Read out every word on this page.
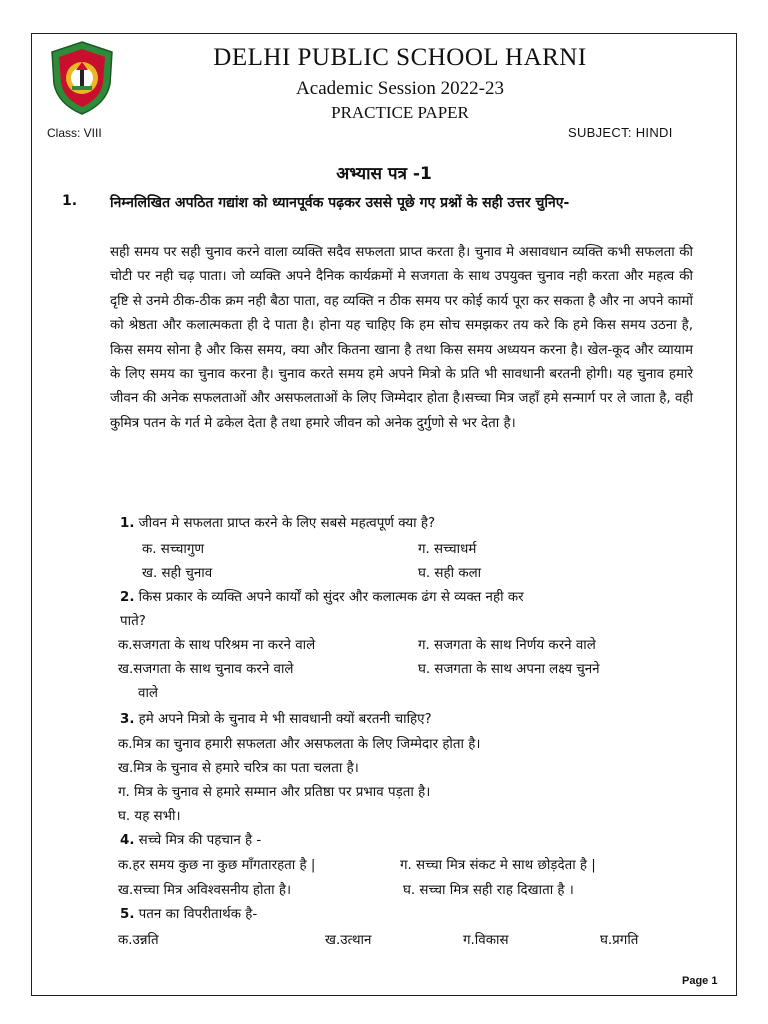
DELHI PUBLIC SCHOOL HARNI
Academic Session 2022-23
PRACTICE PAPER
Class: VIII	SUBJECT: HINDI
अभ्यास पत्र -1
1. निम्नलिखित अपठित गद्यांश को ध्यानपूर्वक पढ़कर उससे पूछे गए प्रश्नों के सही उत्तर चुनिए-

सही समय पर सही चुनाव करने वाला व्यक्ति सदैव सफलता प्राप्त करता है। चुनाव मे असावधान व्यक्ति कभी सफलता की चोटी पर नही चढ़ पाता। जो व्यक्ति अपने दैनिक कार्यक्रमों मे सजगता के साथ उपयुक्त चुनाव नही करता और महत्व की दृष्टि से उनमे ठीक-ठीक क्रम नही बैठा पाता, वह व्यक्ति न ठीक समय पर कोई कार्य पूरा कर सकता है और ना अपने कामों को श्रेष्ठता और कलात्मकता ही दे पाता है। होना यह चाहिए कि हम सोच समझकर तय करे कि हमे किस समय उठना है, किस समय सोना है और किस समय, क्या और कितना खाना है तथा किस समय अध्ययन करना है। खेल-कूद और व्यायाम के लिए समय का चुनाव करना है। चुनाव करते समय हमे अपने मित्रो के प्रति भी सावधानी बरतनी होगी। यह चुनाव हमारे जीवन की अनेक सफलताओं और असफलताओं के लिए जिम्मेदार होता है।सच्चा मित्र जहाँ हमे सन्मार्ग पर ले जाता है, वही कुमित्र पतन के गर्त मे ढकेल देता है तथा हमारे जीवन को अनेक दुर्गुणो से भर देता है।

1. जीवन मे सफलता प्राप्त करने के लिए सबसे महत्वपूर्ण क्या है?
क. सच्चागुण	ग. सच्चाधर्म
ख. सही चुनाव	घ. सही कला
2. किस प्रकार के व्यक्ति अपने कार्यों को सुंदर और कलात्मक ढंग से व्यक्त नही कर
पाते?
क.सजगता के साथ परिश्रम ना करने वाले	ग. सजगता के साथ निर्णय करने वाले
ख.सजगता के साथ चुनाव करने वाले	घ. सजगता के साथ अपना लक्ष्य चुनने
वाले
3. हमे अपने मित्रो के चुनाव मे भी सावधानी क्यों बरतनी चाहिए?
क.मित्र का चुनाव हमारी सफलता और असफलता के लिए जिम्मेदार होता है।
ख.मित्र के चुनाव से हमारे चरित्र का पता चलता है।
ग. मित्र के चुनाव से हमारे सम्मान और प्रतिष्ठा पर प्रभाव पड़ता है।
घ. यह सभी।
4. सच्चे मित्र की पहचान है -
क.हर समय कुछ ना कुछ माँगतारहता है |	ग. सच्चा मित्र संकट मे साथ छोड़देता है |
ख.सच्चा मित्र अविश्वसनीय होता है।	घ. सच्चा मित्र सही राह दिखाता है ।
5. पतन का विपरीतार्थक है-
क.उन्नति	ख.उत्थान	ग.विकास	घ.प्रगति
Page 1
